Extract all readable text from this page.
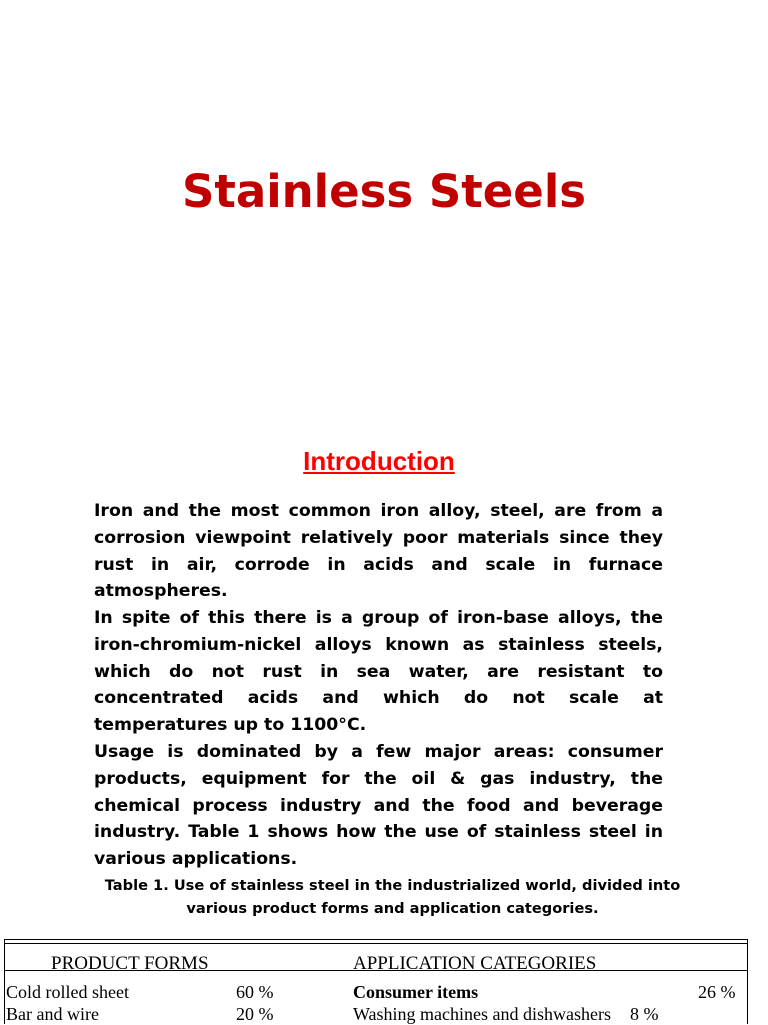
Stainless Steels
Introduction

Iron and the most common iron alloy, steel, are from a corrosion viewpoint relatively poor materials since they rust in air, corrode in acids and scale in furnace atmospheres.

In spite of this there is a group of iron-base alloys, the iron-chromium-nickel alloys known as stainless steels, which do not rust in sea water, are resistant to concentrated acids and which do not scale at temperatures up to 1100°C.

Usage is dominated by a few major areas: consumer products, equipment for the oil & gas industry, the chemical process industry and the food and beverage industry. Table 1 shows how the use of stainless steel in various applications.

Table 1. Use of stainless steel in the industrialized world, divided into various product forms and application categories.

PRODUCT FORMS	APPLICATION CATEGORIES
Cold rolled sheet	60 %	Consumer items	26 %
Bar and wire	20 %	Washing machines and dishwashers 8 %
